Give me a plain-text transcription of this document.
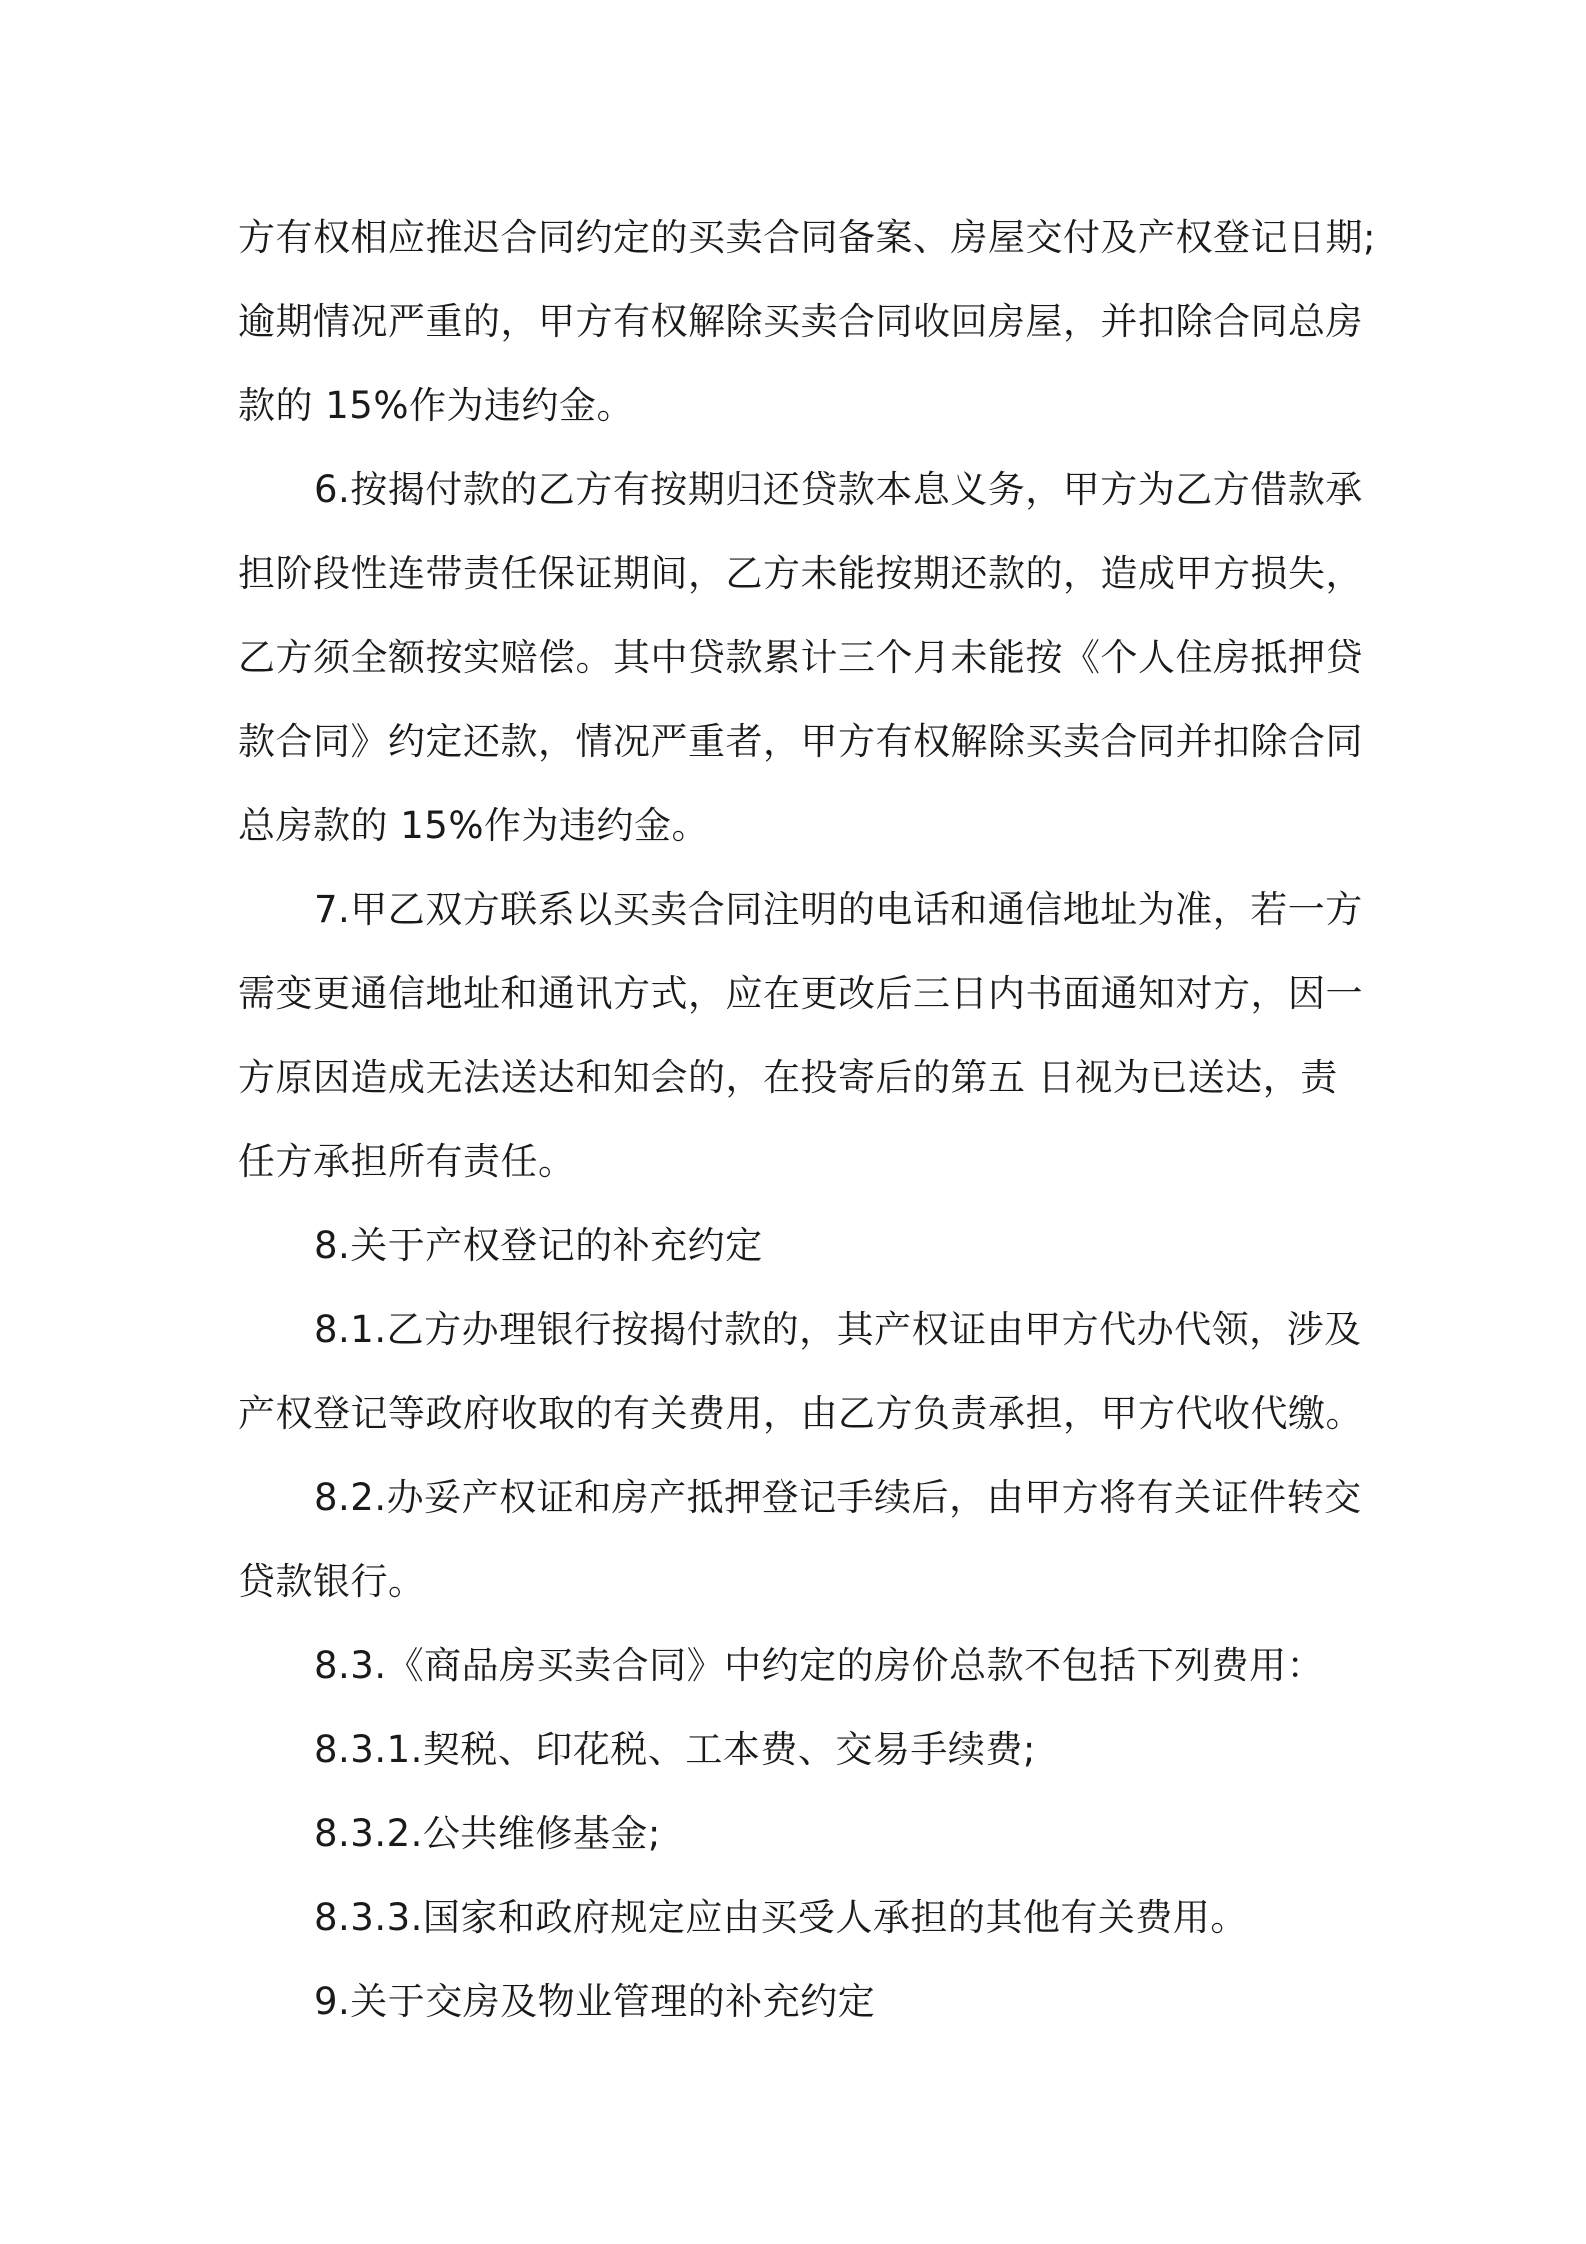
方有权相应推迟合同约定的买卖合同备案、房屋交付及产权登记日期;
逾期情况严重的，甲方有权解除买卖合同收回房屋，并扣除合同总房
款的 15%作为违约金。
6.按揭付款的乙方有按期归还贷款本息义务，甲方为乙方借款承
担阶段性连带责任保证期间，乙方未能按期还款的，造成甲方损失，
乙方须全额按实赔偿。其中贷款累计三个月未能按《个人住房抵押贷
款合同》约定还款，情况严重者，甲方有权解除买卖合同并扣除合同
总房款的 15%作为违约金。
7.甲乙双方联系以买卖合同注明的电话和通信地址为准，若一方
需变更通信地址和通讯方式，应在更改后三日内书面通知对方，因一
方原因造成无法送达和知会的，在投寄后的第五 日视为已送达，责
任方承担所有责任。
8.关于产权登记的补充约定
8.1.乙方办理银行按揭付款的，其产权证由甲方代办代领，涉及
产权登记等政府收取的有关费用，由乙方负责承担，甲方代收代缴。
8.2.办妥产权证和房产抵押登记手续后，由甲方将有关证件转交
贷款银行。
8.3.《商品房买卖合同》中约定的房价总款不包括下列费用：
8.3.1.契税、印花税、工本费、交易手续费;
8.3.2.公共维修基金;
8.3.3.国家和政府规定应由买受人承担的其他有关费用。
9.关于交房及物业管理的补充约定
